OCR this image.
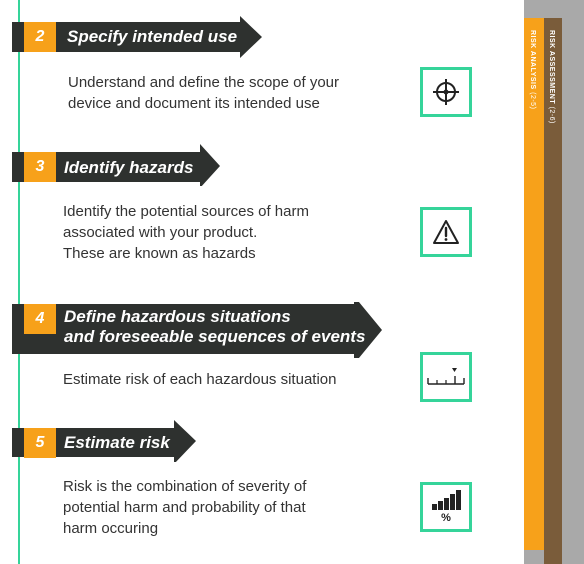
2	Specify intended use
Understand and define the scope of your
device and document its intended use
3	Identify hazards
Identify the potential sources of harm
associated with your product.
These are known as hazards
4	Define hazardous situations
and foreseeable sequences of events
Estimate risk of each hazardous situation
5	Estimate risk
Risk is the combination of severity of
potential harm and probability of that
harm occuring
%
RISK ASSESSMENT (2-6)
RISK ANALYSIS (2-5)
